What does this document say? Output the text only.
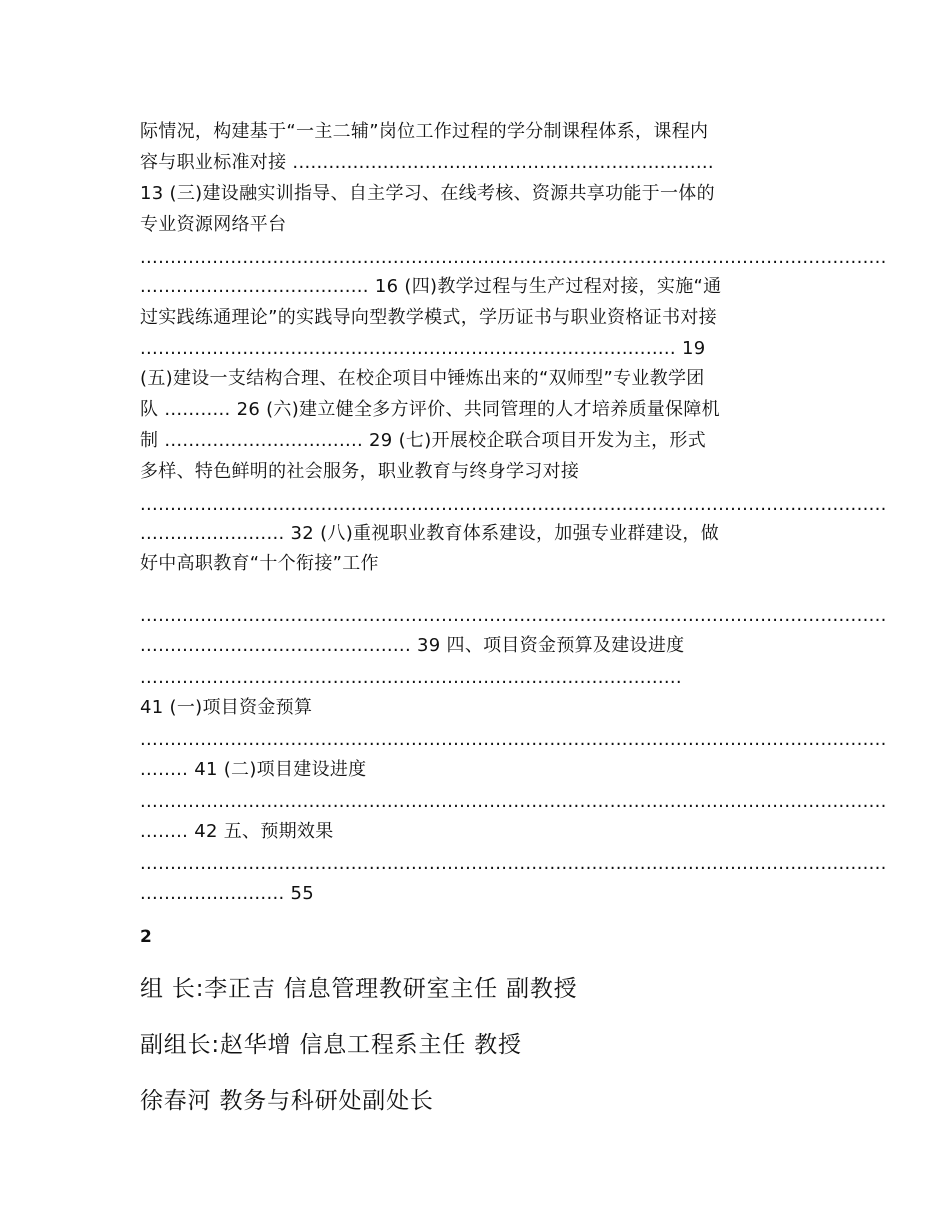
际情况，构建基于“一主二辅”岗位工作过程的学分制课程体系，课程内
容与职业标准对接 ......................................................................
13 (三)建设融实训指导、自主学习、在线考核、资源共享功能于一体的
专业资源网络平台
............................................................................................................................
...................................... 16 (四)教学过程与生产过程对接，实施“通
过实践练通理论”的实践导向型教学模式，学历证书与职业资格证书对接
......................................................................................... 19
(五)建设一支结构合理、在校企项目中锤炼出来的“双师型”专业教学团
队 ........... 26 (六)建立健全多方评价、共同管理的人才培养质量保障机
制 ................................. 29 (七)开展校企联合项目开发为主，形式
多样、特色鲜明的社会服务，职业教育与终身学习对接
............................................................................................................................
........................ 32 (八)重视职业教育体系建设，加强专业群建设，做
好中高职教育“十个衔接”工作
............................................................................................................................
............................................. 39 四、项目资金预算及建设进度
..........................................................................................
41 (一)项目资金预算
............................................................................................................................
........ 41 (二)项目建设进度
............................................................................................................................
........ 42 五、预期效果
............................................................................................................................
........................ 55
2
组 长:李正吉 信息管理教研室主任 副教授
副组长:赵华增 信息工程系主任 教授
徐春河 教务与科研处副处长
